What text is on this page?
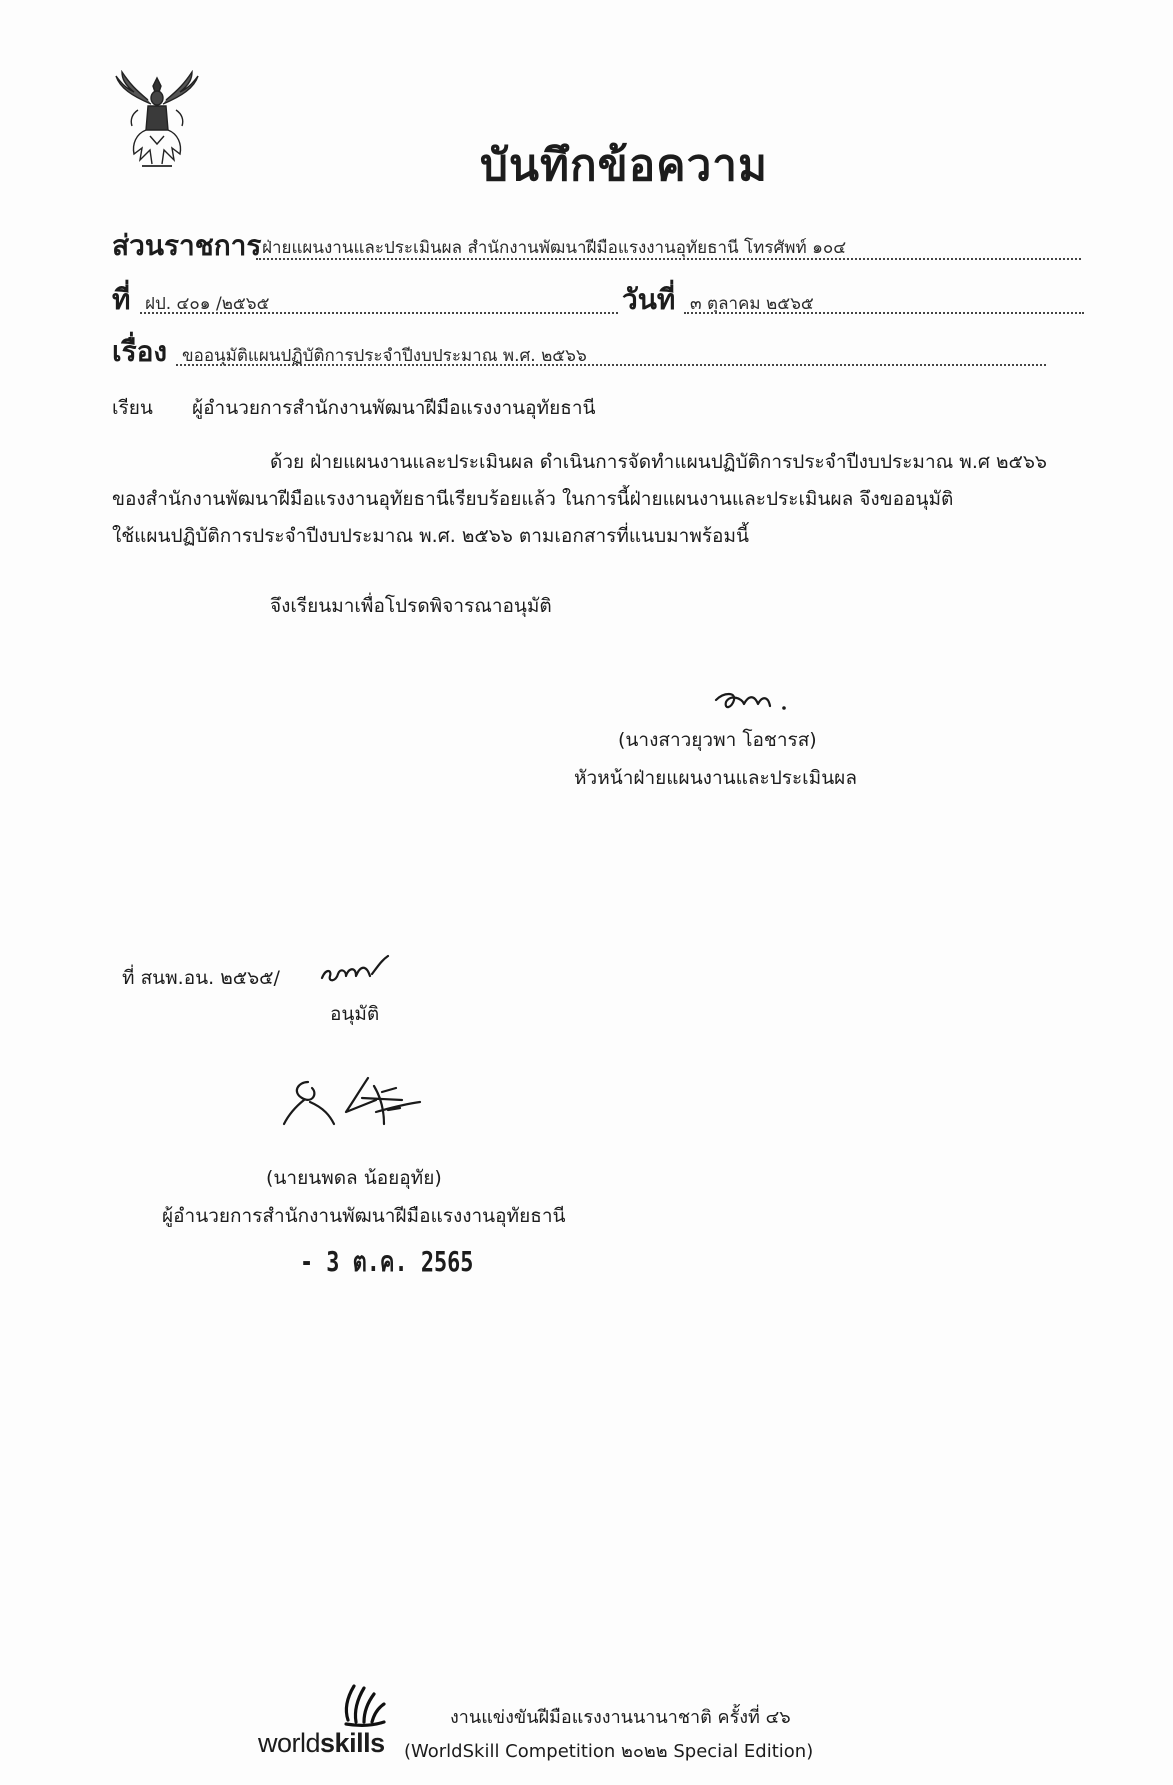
บันทึกข้อความ
ส่วนราชการ ฝ่ายแผนงานและประเมินผล สำนักงานพัฒนาฝีมือแรงงานอุทัยธานี โทรศัพท์ ๑๐๔
ที่ ฝป. ๔๐๑ /๒๕๖๕	วันที่ ๓ ตุลาคม ๒๕๖๕
เรื่อง ขออนุมัติแผนปฏิบัติการประจำปีงบประมาณ พ.ศ. ๒๕๖๖
เรียน ผู้อำนวยการสำนักงานพัฒนาฝีมือแรงงานอุทัยธานี
ด้วย ฝ่ายแผนงานและประเมินผล ดำเนินการจัดทำแผนปฏิบัติการประจำปีงบประมาณ พ.ศ ๒๕๖๖
ของสำนักงานพัฒนาฝีมือแรงงานอุทัยธานีเรียบร้อยแล้ว ในการนี้ฝ่ายแผนงานและประเมินผล จึงขออนุมัติ
ใช้แผนปฏิบัติการประจำปีงบประมาณ พ.ศ. ๒๕๖๖ ตามเอกสารที่แนบมาพร้อมนี้
จึงเรียนมาเพื่อโปรดพิจารณาอนุมัติ
(นางสาวยุวพา โอชารส)
หัวหน้าฝ่ายแผนงานและประเมินผล
ที่ สนพ.อน. ๒๕๖๕/
อนุมัติ
(นายนพดล น้อยอุทัย)
ผู้อำนวยการสำนักงานพัฒนาฝีมือแรงงานอุทัยธานี
- 3 ต.ค. 2565
worldskills
งานแข่งขันฝีมือแรงงานนานาชาติ ครั้งที่ ๔๖
(WorldSkill Competition ๒๐๒๒ Special Edition)
